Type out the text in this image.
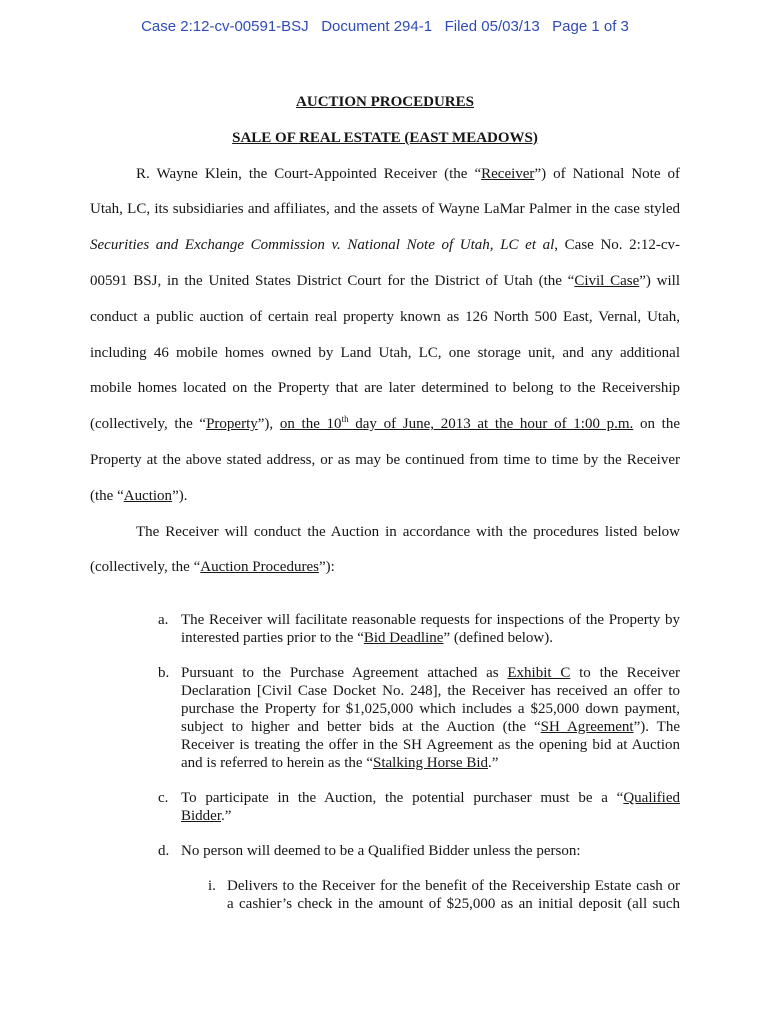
Case 2:12-cv-00591-BSJ Document 294-1 Filed 05/03/13 Page 1 of 3
AUCTION PROCEDURES
SALE OF REAL ESTATE (EAST MEADOWS)
R. Wayne Klein, the Court-Appointed Receiver (the “Receiver”) of National Note of
Utah, LC, its subsidiaries and affiliates, and the assets of Wayne LaMar Palmer in the case styled
Securities and Exchange Commission v. National Note of Utah, LC et al, Case No. 2:12-cv-
00591 BSJ, in the United States District Court for the District of Utah (the “Civil Case”) will
conduct a public auction of certain real property known as 126 North 500 East, Vernal, Utah,
including 46 mobile homes owned by Land Utah, LC, one storage unit, and any additional
mobile homes located on the Property that are later determined to belong to the Receivership
(collectively, the “Property”), on the 10th day of June, 2013 at the hour of 1:00 p.m. on the
Property at the above stated address, or as may be continued from time to time by the Receiver
(the “Auction”).
The Receiver will conduct the Auction in accordance with the procedures listed below
(collectively, the “Auction Procedures”):
a. The Receiver will facilitate reasonable requests for inspections of the Property by
interested parties prior to the “Bid Deadline” (defined below).
b. Pursuant to the Purchase Agreement attached as Exhibit C to the Receiver
Declaration [Civil Case Docket No. 248], the Receiver has received an offer to
purchase the Property for $1,025,000 which includes a $25,000 down payment,
subject to higher and better bids at the Auction (the “SH Agreement”). The
Receiver is treating the offer in the SH Agreement as the opening bid at Auction
and is referred to herein as the “Stalking Horse Bid.”
c. To participate in the Auction, the potential purchaser must be a “Qualified
Bidder.”
d. No person will deemed to be a Qualified Bidder unless the person:
i. Delivers to the Receiver for the benefit of the Receivership Estate cash or
a cashier’s check in the amount of $25,000 as an initial deposit (all such
